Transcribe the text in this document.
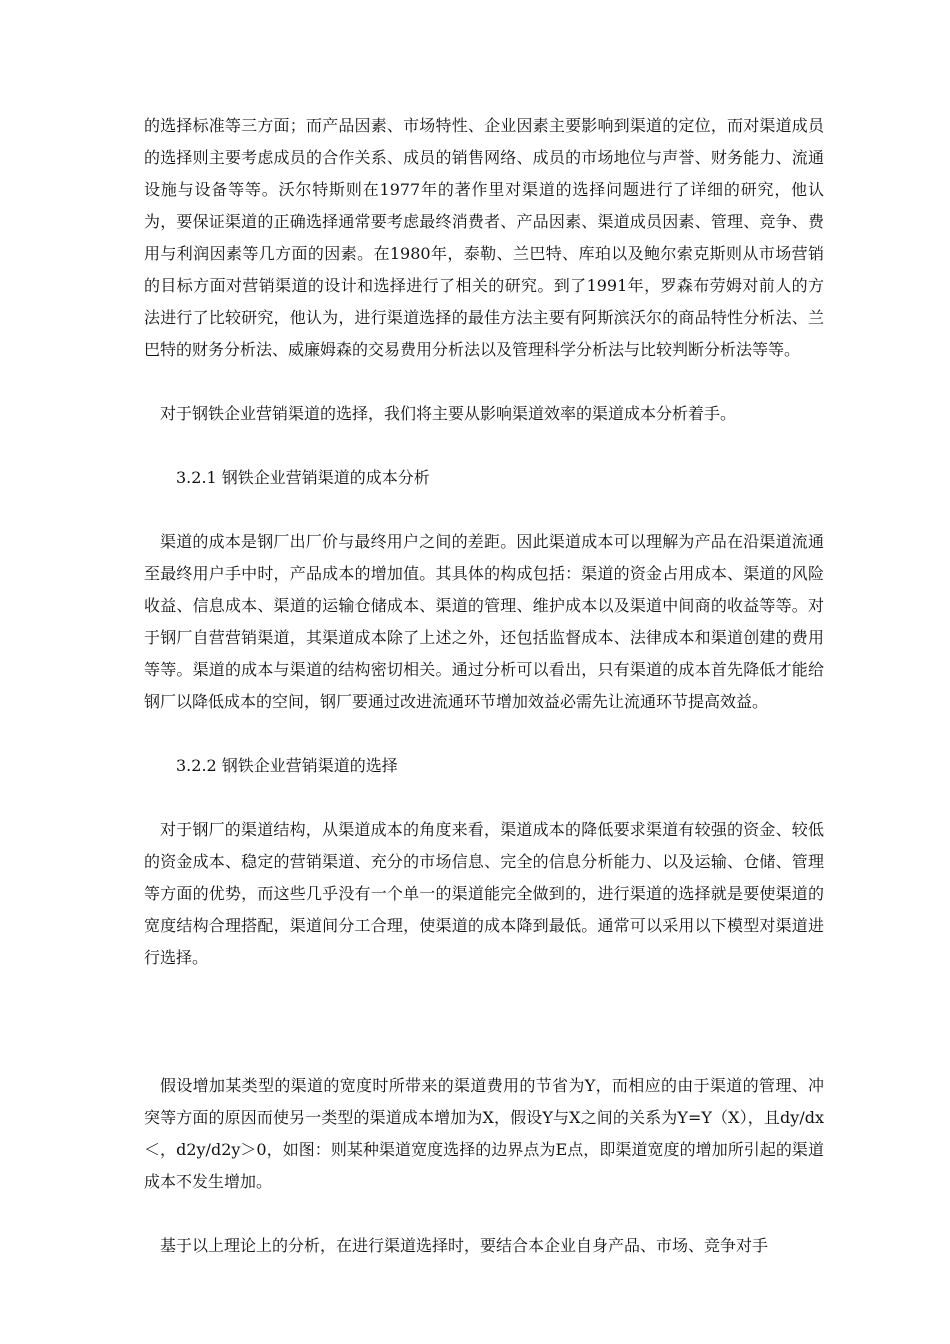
的选择标准等三方面；而产品因素、市场特性、企业因素主要影响到渠道的定位，而对渠道成员的选择则主要考虑成员的合作关系、成员的销售网络、成员的市场地位与声誉、财务能力、流通设施与设备等等。沃尔特斯则在1977年的著作里对渠道的选择问题进行了详细的研究，他认为，要保证渠道的正确选择通常要考虑最终消费者、产品因素、渠道成员因素、管理、竞争、费用与利润因素等几方面的因素。在1980年，泰勒、兰巴特、库珀以及鲍尔索克斯则从市场营销的目标方面对营销渠道的设计和选择进行了相关的研究。到了1991年，罗森布劳姆对前人的方法进行了比较研究，他认为，进行渠道选择的最佳方法主要有阿斯滨沃尔的商品特性分析法、兰巴特的财务分析法、威廉姆森的交易费用分析法以及管理科学分析法与比较判断分析法等等。

对于钢铁企业营销渠道的选择，我们将主要从影响渠道效率的渠道成本分析着手。

3.2.1 钢铁企业营销渠道的成本分析

渠道的成本是钢厂出厂价与最终用户之间的差距。因此渠道成本可以理解为产品在沿渠道流通至最终用户手中时，产品成本的增加值。其具体的构成包括：渠道的资金占用成本、渠道的风险收益、信息成本、渠道的运输仓储成本、渠道的管理、维护成本以及渠道中间商的收益等等。对于钢厂自营营销渠道，其渠道成本除了上述之外，还包括监督成本、法律成本和渠道创建的费用等等。渠道的成本与渠道的结构密切相关。通过分析可以看出，只有渠道的成本首先降低才能给钢厂以降低成本的空间，钢厂要通过改进流通环节增加效益必需先让流通环节提高效益。

3.2.2 钢铁企业营销渠道的选择

对于钢厂的渠道结构，从渠道成本的角度来看，渠道成本的降低要求渠道有较强的资金、较低的资金成本、稳定的营销渠道、充分的市场信息、完全的信息分析能力、以及运输、仓储、管理等方面的优势，而这些几乎没有一个单一的渠道能完全做到的，进行渠道的选择就是要使渠道的宽度结构合理搭配，渠道间分工合理，使渠道的成本降到最低。通常可以采用以下模型对渠道进行选择。

假设增加某类型的渠道的宽度时所带来的渠道费用的节省为Y，而相应的由于渠道的管理、冲突等方面的原因而使另一类型的渠道成本增加为X，假设Y与X之间的关系为Y=Y（X），且dy/dx＜，d2y/d2y＞0，如图：则某种渠道宽度选择的边界点为E点，即渠道宽度的增加所引起的渠道成本不发生增加。

基于以上理论上的分析，在进行渠道选择时，要结合本企业自身产品、市场、竞争对手
